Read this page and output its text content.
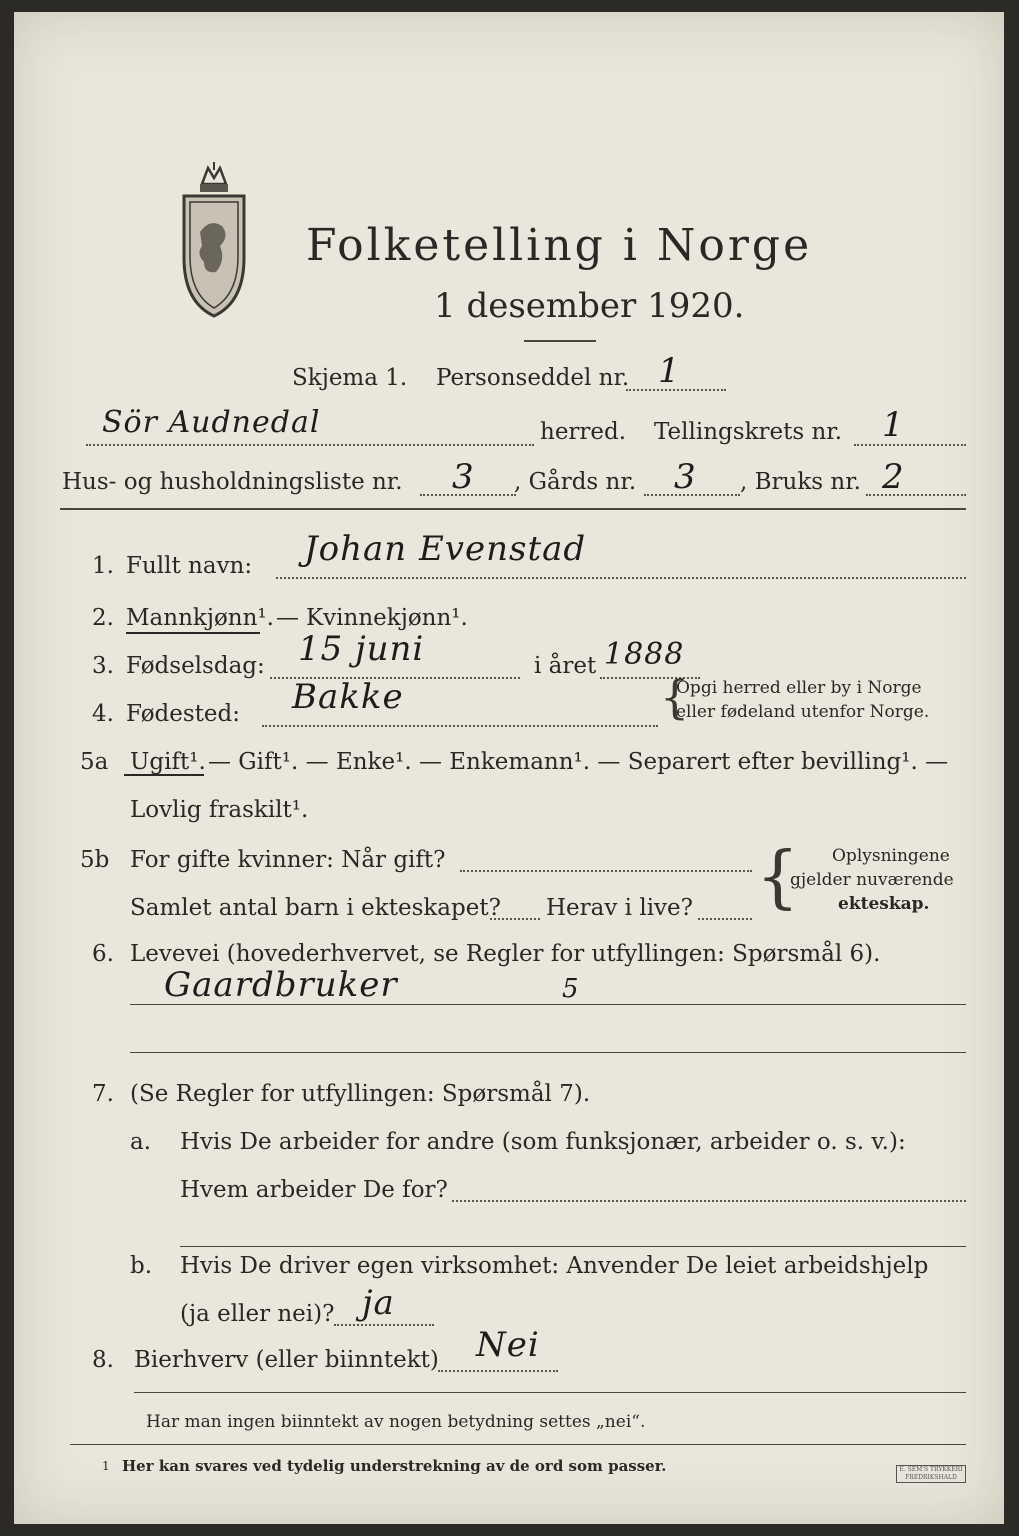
Folketelling i Norge
1 desember 1920.
Skjema 1. Personseddel nr. 1
Sör Audnedal	herred. Tellingskrets nr. 1
Hus- og husholdningsliste nr. 3 , Gårds nr. 3 , Bruks nr. 2
1. Fullt navn: Johan Evenstad
2. Mannkjønn¹. — Kvinnekjønn¹.
3. Fødselsdag: 15 juni	i året 1888
4. Fødested: Bakke	{
Opgi herred eller by i Norge
eller fødeland utenfor Norge.
5a Ugift¹. — Gift¹. — Enke¹. — Enkemann¹. — Separert efter bevilling¹. —
Lovlig fraskilt¹.
5b For gifte kvinner: Når gift?
Samlet antal barn i ekteskapet? Herav i live? { Oplysningene
gjelder nuværende
ekteskap.
6. Levevei (hovederhvervet, se Regler for utfyllingen: Spørsmål 6).
Gaardbruker	5
7. (Se Regler for utfyllingen: Spørsmål 7).
a. Hvis De arbeider for andre (som funksjonær, arbeider o. s. v.):
Hvem arbeider De for?
b. Hvis De driver egen virksomhet: Anvender De leiet arbeidshjelp
(ja eller nei)? ja
8. Bierhverv (eller biinntekt) Nei
Har man ingen biinntekt av nogen betydning settes „nei“.
1 Her kan svares ved tydelig understrekning av de ord som passer.	E. SEM'S TRYKKERI FREDRIKSHALD
